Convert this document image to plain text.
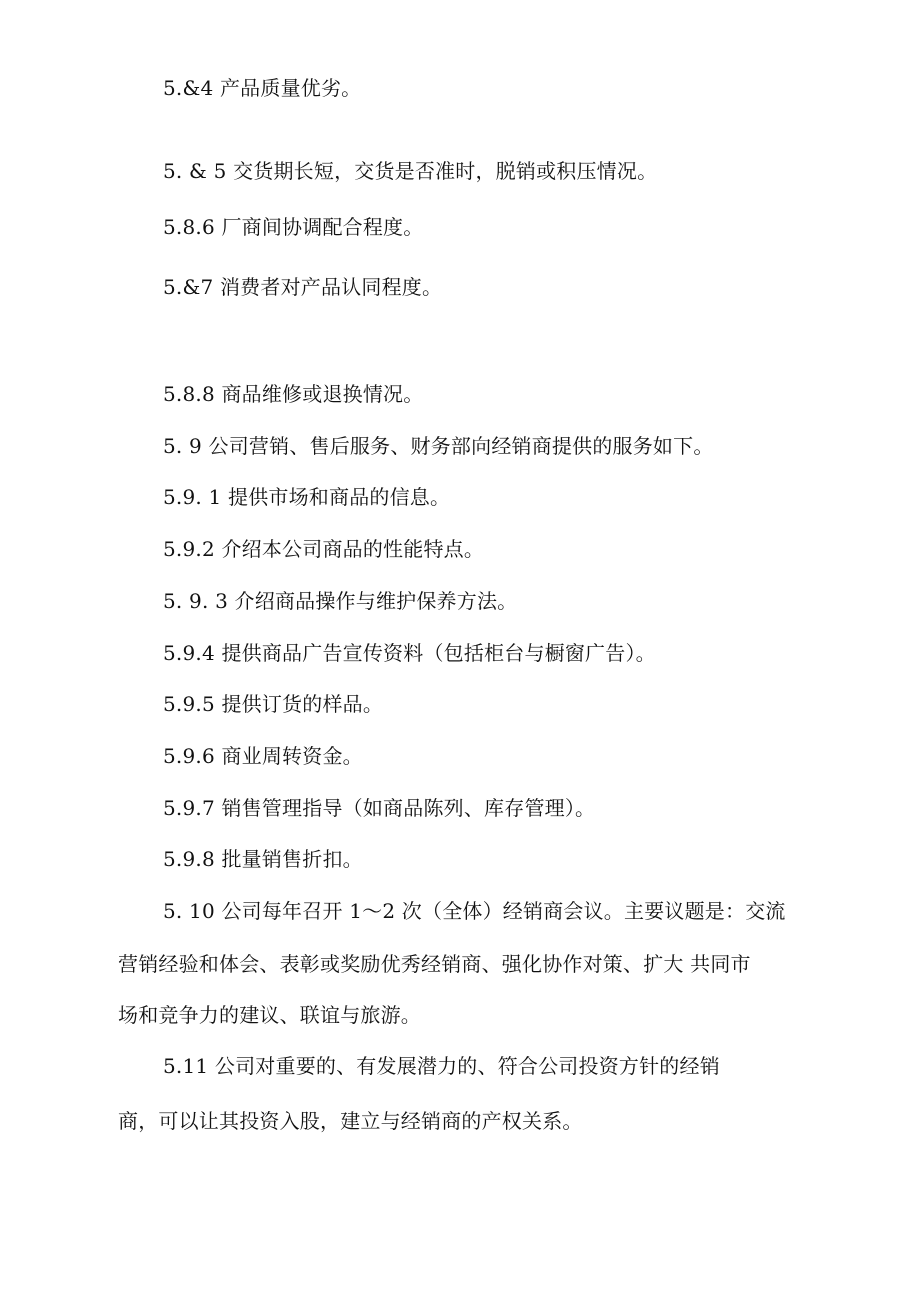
5.&4 产品质量优劣。
5. & 5 交货期长短，交货是否准时，脱销或积压情况。
5.8.6 厂商间协调配合程度。
5.&7 消费者对产品认同程度。
5.8.8 商品维修或退换情况。
5. 9 公司营销、售后服务、财务部向经销商提供的服务如下。
5.9. 1 提供市场和商品的信息。
5.9.2 介绍本公司商品的性能特点。
5. 9. 3 介绍商品操作与维护保养方法。
5.9.4 提供商品广告宣传资料（包括柜台与橱窗广告）。
5.9.5 提供订货的样品。
5.9.6 商业周转资金。
5.9.7 销售管理指导（如商品陈列、库存管理）。
5.9.8 批量销售折扣。
5. 10 公司每年召开 1～2 次（全体）经销商会议。主要议题是：交流
营销经验和体会、表彰或奖励优秀经销商、强化协作对策、扩大 共同市
场和竞争力的建议、联谊与旅游。
5.11 公司对重要的、有发展潜力的、符合公司投资方针的经销
商，可以让其投资入股，建立与经销商的产权关系。
